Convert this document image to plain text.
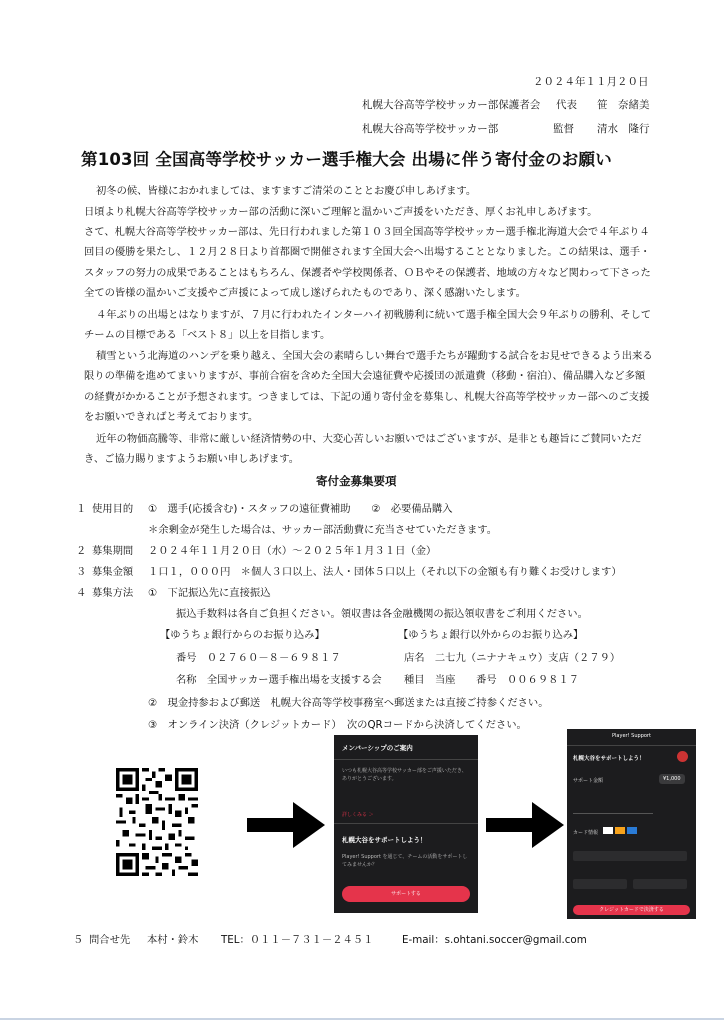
２０２４年１１月２０日
札幌大谷高等学校サッカー部保護者会 代表 笹　奈緒美
札幌大谷高等学校サッカー部	監督 清水　隆行
第103回 全国高等学校サッカー選手権大会 出場に伴う寄付金のお願い
初冬の候、皆様におかれましては、ますますご清栄のこととお慶び申しあげます。
日頃より札幌大谷高等学校サッカー部の活動に深いご理解と温かいご声援をいただき、厚くお礼申しあげます。
さて、札幌大谷高等学校サッカー部は、先日行われました第１０３回全国高等学校サッカー選手権北海道大会で４年ぶり４回目の優勝を果たし、１２月２８日より首都圏で開催されます全国大会へ出場することとなりました。この結果は、選手・スタッフの努力の成果であることはもちろん、保護者や学校関係者、ＯＢやその保護者、地域の方々など関わって下さった全ての皆様の温かいご支援やご声援によって成し遂げられたものであり、深く感謝いたします。
４年ぶりの出場とはなりますが、７月に行われたインターハイ初戦勝利に続いて選手権全国大会９年ぶりの勝利、そしてチームの目標である「ベスト８」以上を目指します。
積雪という北海道のハンデを乗り越え、全国大会の素晴らしい舞台で選手たちが躍動する試合をお見せできるよう出来る限りの準備を進めてまいりますが、事前合宿を含めた全国大会遠征費や応援団の派遣費（移動・宿泊）、備品購入など多額の経費がかかることが予想されます。つきましては、下記の通り寄付金を募集し、札幌大谷高等学校サッカー部へのご支援をお願いできればと考えております。
近年の物価高騰等、非常に厳しい経済情勢の中、大変心苦しいお願いではございますが、是非とも趣旨にご賛同いただき、ご協力賜りますようお願い申しあげます。
寄付金募集要項
１ 使用目的 ①　選手(応援含む)・スタッフの遠征費補助　　②　必要備品購入
＊余剰金が発生した場合は、サッカー部活動費に充当させていただきます。
２ 募集期間 ２０２４年１１月２０日（水）～２０２５年１月３１日（金）
３ 募集金額 １口１，０００円　＊個人３口以上、法人・団体５口以上（それ以下の金額も有り難くお受けします）
４ 募集方法 ①　下記振込先に直接振込
振込手数料は各自ご負担ください。領収書は各金融機関の振込領収書をご利用ください。
【ゆうちょ銀行からのお振り込み】	【ゆうちょ銀行以外からのお振り込み】
番号　０２７６０－８－６９８１７	店名　二七九（ニナナキュウ）支店（２７９）
名称　全国サッカー選手権出場を支援する会 種目　当座　　番号　００６９８１７
②　現金持参および郵送　札幌大谷高等学校事務室へ郵送または直接ご持参ください。
③　オンライン決済（クレジットカード）　次のQRコードから決済してください。
メンバーシップのご案内
いつも札幌大谷高等学校サッカー部をご声援いただき、ありがとうございます。
詳しくみる ＞
札幌大谷をサポートしよう！
Player! Support を通じて、チームの活動をサポートしてみませんか？
サポートする
Player! Support
札幌大谷をサポートしよう！
サポート金額	¥1,000
カード情報
クレジットカードで決済する
５ 問合せ先 本村・鈴木 TEL：０１１－７３１－２４５１	E-mail：s.ohtani.soccer@gmail.com
